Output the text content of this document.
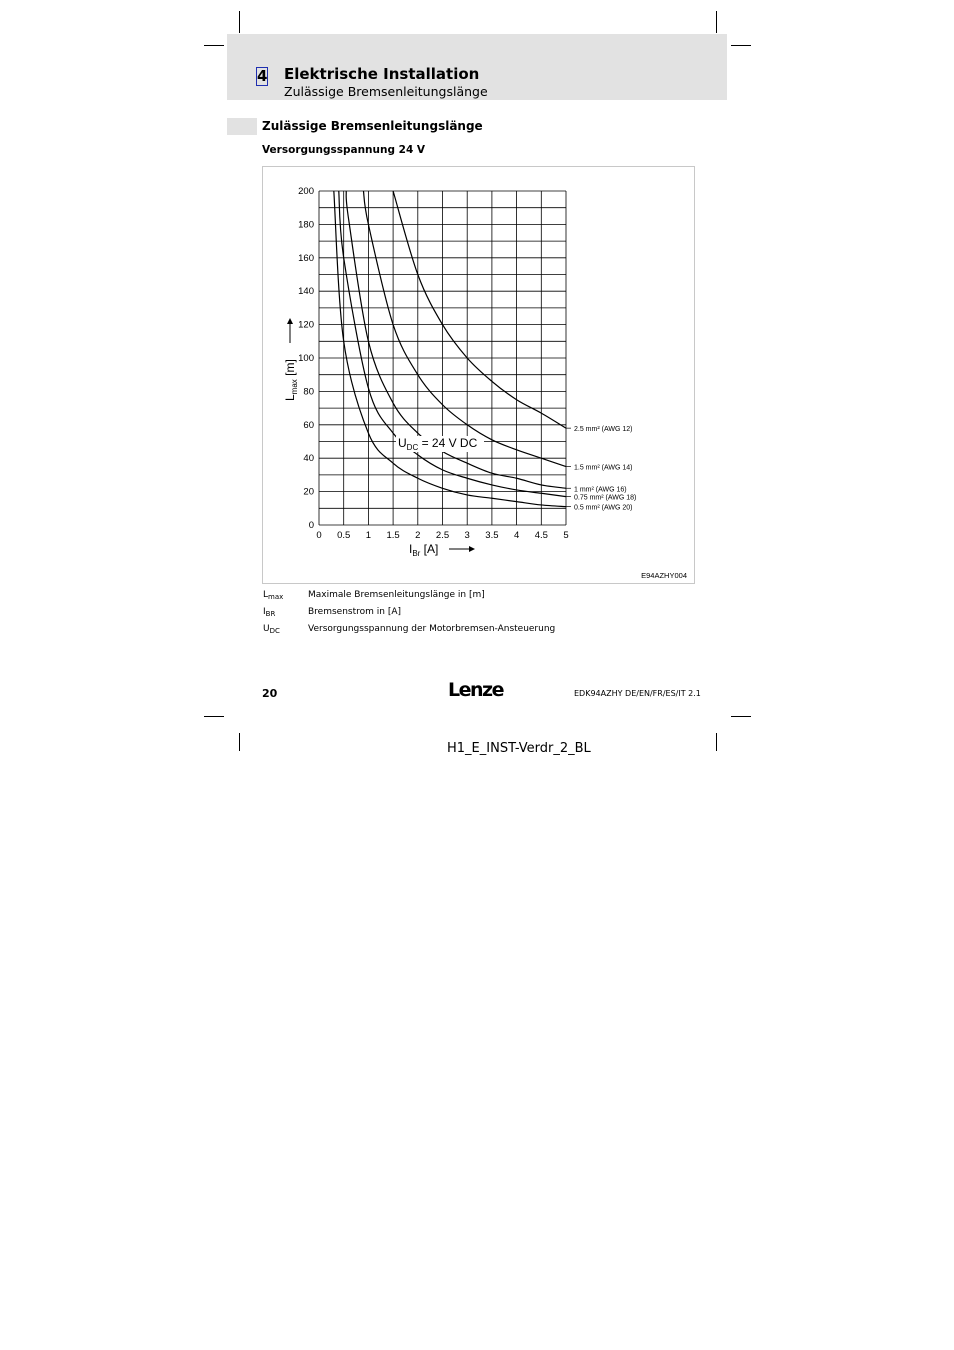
4 Elektrische Installation
Zulässige Bremsenleitungslänge
Zulässige Bremsenleitungslänge
Versorgungsspannung 24 V
0 0.5 1 1.5 2 2.5 3 3.5 4 4.5 5
0
20
40
60
80
100
120
140
160
180
200
$I_{Br}$ [A]
$L_{max}$ [m]
2.5 mm² (AWG 12)
1.5 mm² (AWG 14)
1 mm² (AWG 16)
0.75 mm² (AWG 18)
0.5 mm² (AWG 20)
$U_{DC} = 24$ V DC
E94AZHY004
$L_{max}$	Maximale Bremsenleitungslänge in [m]
$I_{BR}$	Bremsenstrom in [A]
$U_{DC}$	Versorgungsspannung der Motorbremsen-Ansteuerung
20	Lenze	EDK94AZHY DE/EN/FR/ES/IT 2.1
H1_E_INST-Verdr_2_BL
